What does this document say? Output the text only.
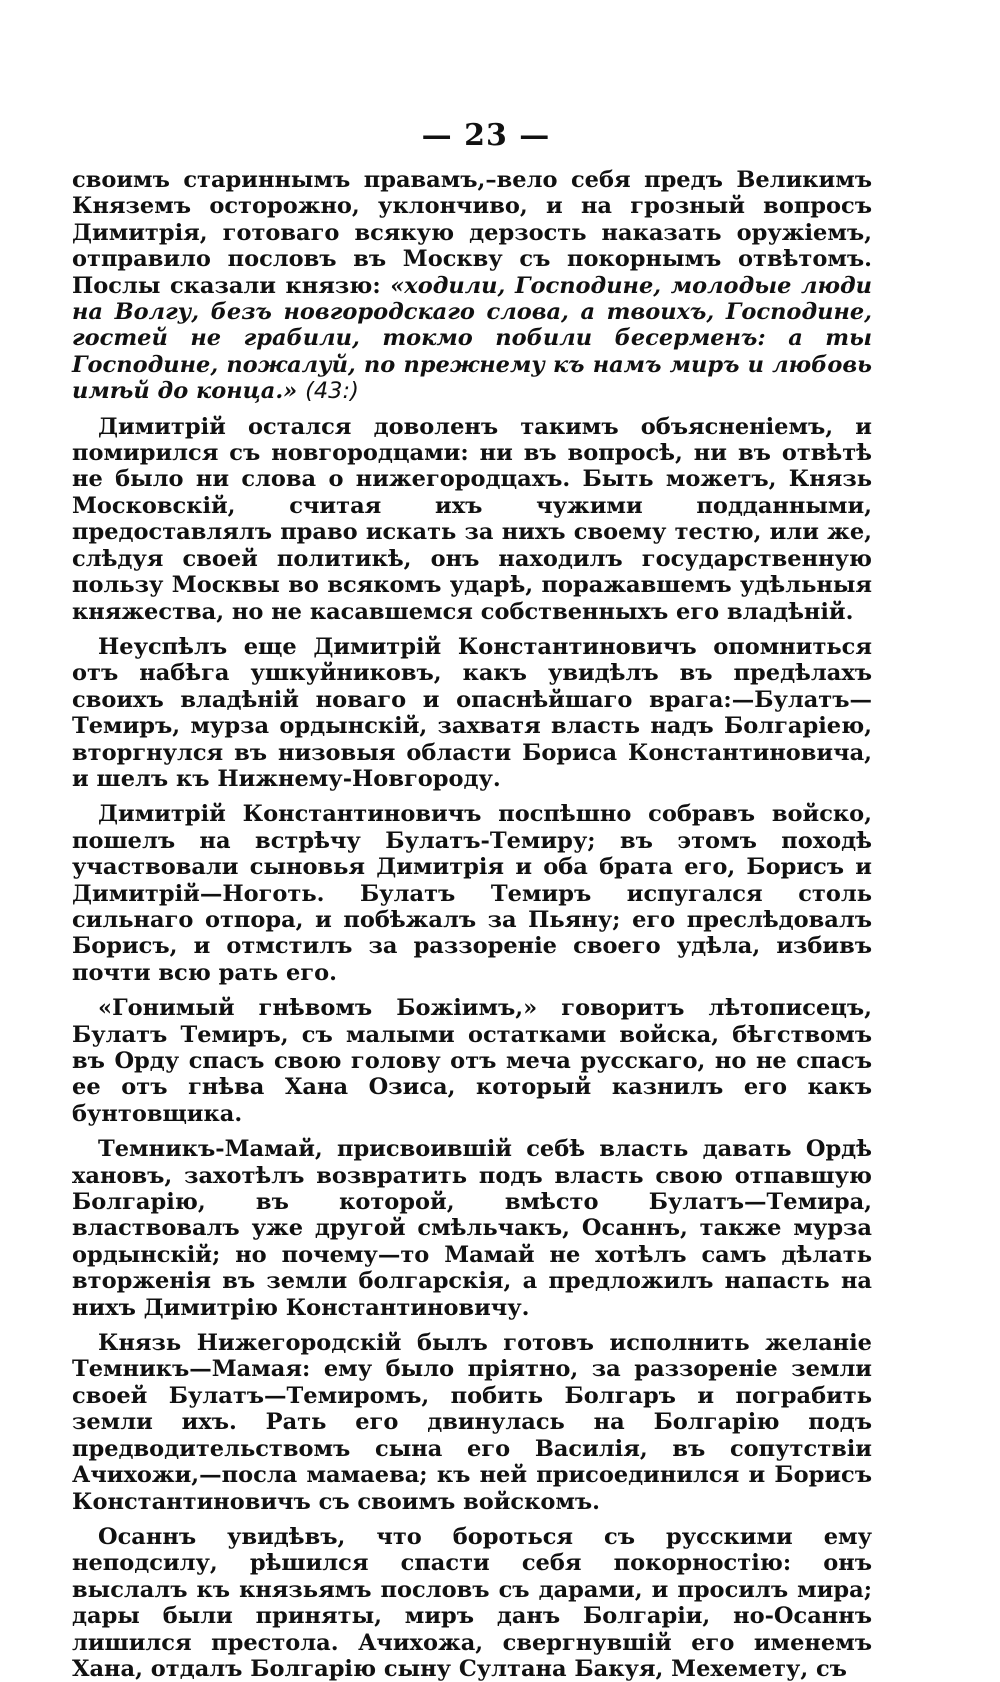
— 23 —

своимъ стариннымъ правамъ,–вело себя предъ Великимъ Княземъ осторожно, уклончиво, и на грозный вопросъ Димитрія, готоваго всякую дерзость наказать оружіемъ, отправило пословъ въ Москву съ покорнымъ отвѣтомъ. Послы сказали князю: «ходили, Господине, молодые люди на Волгу, безъ новгородскаго слова, а твоихъ, Господине, гостей не грабили, токмо побили бесерменъ: а ты Господине, пожалуй, по прежнему къ намъ миръ и любовь имѣй до конца.» (43:)

Димитрій остался доволенъ такимъ объясненіемъ, и помирился съ новгородцами: ни въ вопросѣ, ни въ отвѣтѣ не было ни слова о нижегородцахъ. Быть можетъ, Князь Московскій, считая ихъ чужими подданными, предоставлялъ право искать за нихъ своему тестю, или же, слѣдуя своей политикѣ, онъ находилъ государственную пользу Москвы во всякомъ ударѣ, поражавшемъ удѣльныя княжества, но не касавшемся собственныхъ его владѣній.

Неуспѣлъ еще Димитрій Константиновичъ опомниться отъ набѣга ушкуйниковъ, какъ увидѣлъ въ предѣлахъ своихъ владѣній новаго и опаснѣйшаго врага:—Булатъ—Темиръ, мурза ордынскій, захватя власть надъ Болгаріею, вторгнулся въ низовыя области Бориса Константиновича, и шелъ къ Нижнему-Новгороду.

Димитрій Константиновичъ поспѣшно собравъ войско, пошелъ на встрѣчу Булатъ-Темиру; въ этомъ походѣ участвовали сыновья Димитрія и оба брата его, Борисъ и Димитрій—Ноготь. Булатъ Темиръ испугался столь сильнаго отпора, и побѣжалъ за Пьяну; его преслѣдовалъ Борисъ, и отмстилъ за раззореніе своего удѣла, избивъ почти всю рать его.

«Гонимый гнѣвомъ Божіимъ,» говоритъ лѣтописецъ, Булатъ Темиръ, съ малыми остатками войска, бѣгствомъ въ Орду спасъ свою голову отъ меча русскаго, но не спасъ ее отъ гнѣва Хана Озиса, который казнилъ его какъ бунтовщика.

Темникъ-Мамай, присвоившій себѣ власть давать Ордѣ хановъ, захотѣлъ возвратить подъ власть свою отпавшую Болгарію, въ которой, вмѣсто Булатъ—Темира, властвовалъ уже другой смѣльчакъ, Осаннъ, также мурза ордынскій; но почему—то Мамай не хотѣлъ самъ дѣлать вторженія въ земли болгарскія, а предложилъ напасть на нихъ Димитрію Константиновичу.

Князь Нижегородскій былъ готовъ исполнить желаніе Темникъ—Мамая: ему было пріятно, за раззореніе земли своей Булатъ—Темиромъ, побить Болгаръ и пограбить земли ихъ. Рать его двинулась на Болгарію подъ предводительствомъ сына его Василія, въ сопутствіи Ачихожи,—посла мамаева; къ ней присоединился и Борисъ Константиновичъ съ своимъ войскомъ.

Осаннъ увидѣвъ, что бороться съ русскими ему неподсилу, рѣшился спасти себя покорностію: онъ выслалъ къ князьямъ пословъ съ дарами, и просилъ мира; дары были приняты, миръ данъ Болгаріи, но-Осаннъ лишился престола. Ачихожа, свергнувшій его именемъ Хана, отдалъ Болгарію сыну Султана Бакуя, Мехемету, съ
